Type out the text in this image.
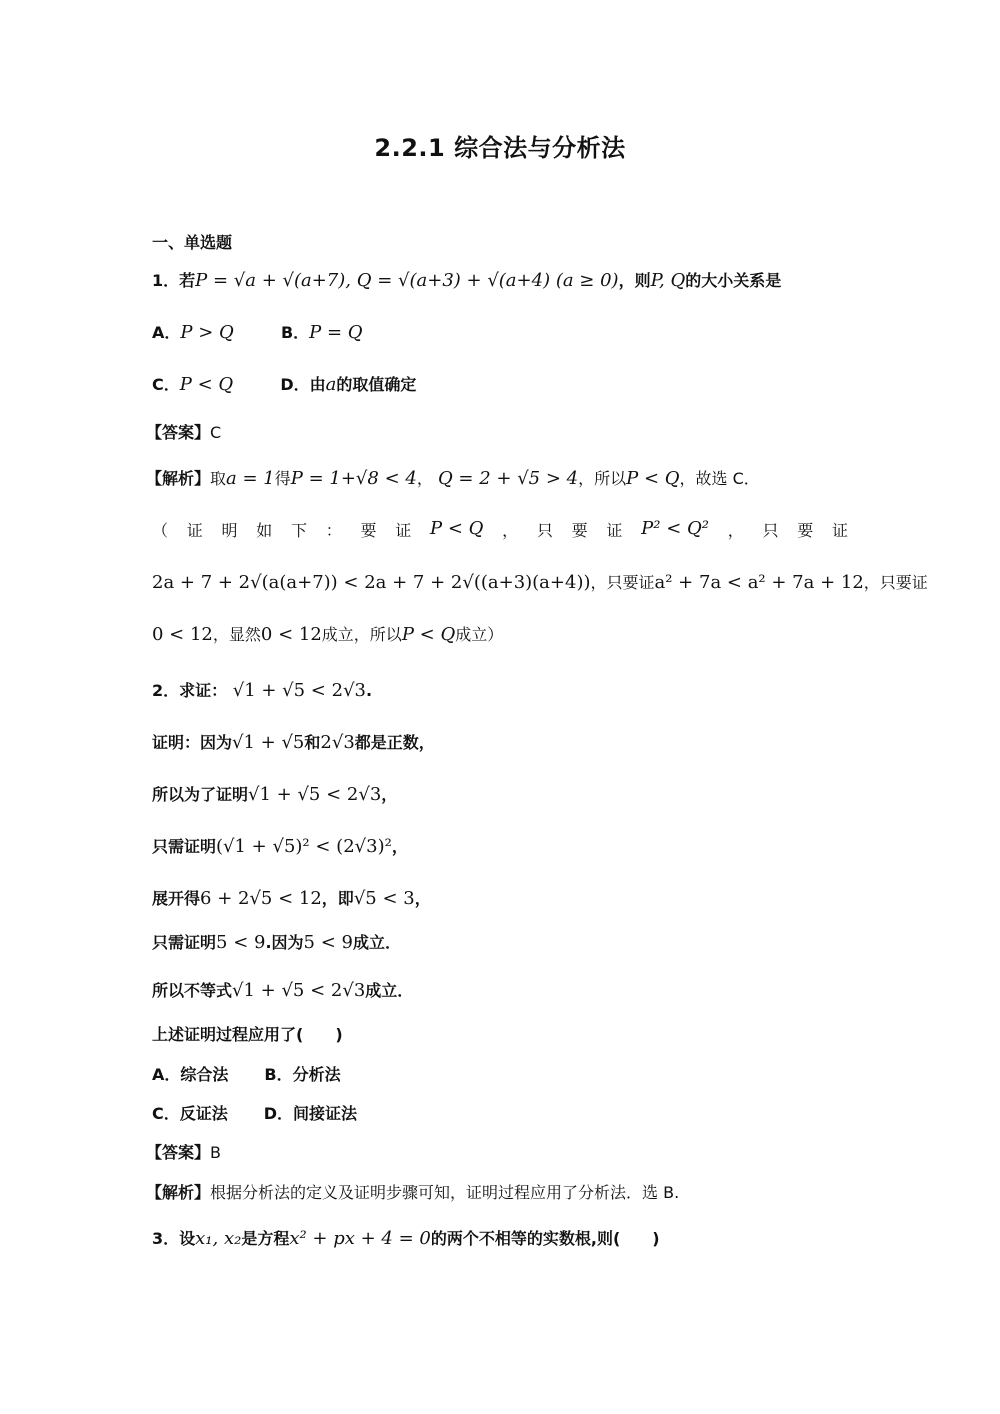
2.2.1 综合法与分析法
一、单选题
1．若P = √a + √(a+7), Q = √(a+3) + √(a+4) (a ≥ 0)，则P, Q的大小关系是
A．P > Q	B．P = Q
C．P < Q	D．由a的取值确定
【答案】C
【解析】取a = 1得P = 1+√8 < 4， Q = 2 + √5 > 4，所以P < Q，故选 C．
（ 证 明 如 下 ： 要 证 P < Q ， 只 要 证 P² < Q² ， 只 要 证
2a + 7 + 2√(a(a+7)) < 2a + 7 + 2√((a+3)(a+4))，只要证a² + 7a < a² + 7a + 12，只要证
0 < 12，显然0 < 12成立，所以P < Q成立）
2．求证： √1 + √5 < 2√3.
证明：因为√1 + √5和2√3都是正数，
所以为了证明√1 + √5 < 2√3，
只需证明(√1 + √5)² < (2√3)²，
展开得6 + 2√5 < 12，即√5 < 3，
只需证明5 < 9.因为5 < 9成立．
所以不等式√1 + √5 < 2√3成立．
上述证明过程应用了(　　)
A．综合法 B．分析法
C．反证法 D．间接证法
【答案】B
【解析】根据分析法的定义及证明步骤可知，证明过程应用了分析法．选 B.
3．设x₁, x₂是方程x² + px + 4 = 0的两个不相等的实数根,则(　　)
